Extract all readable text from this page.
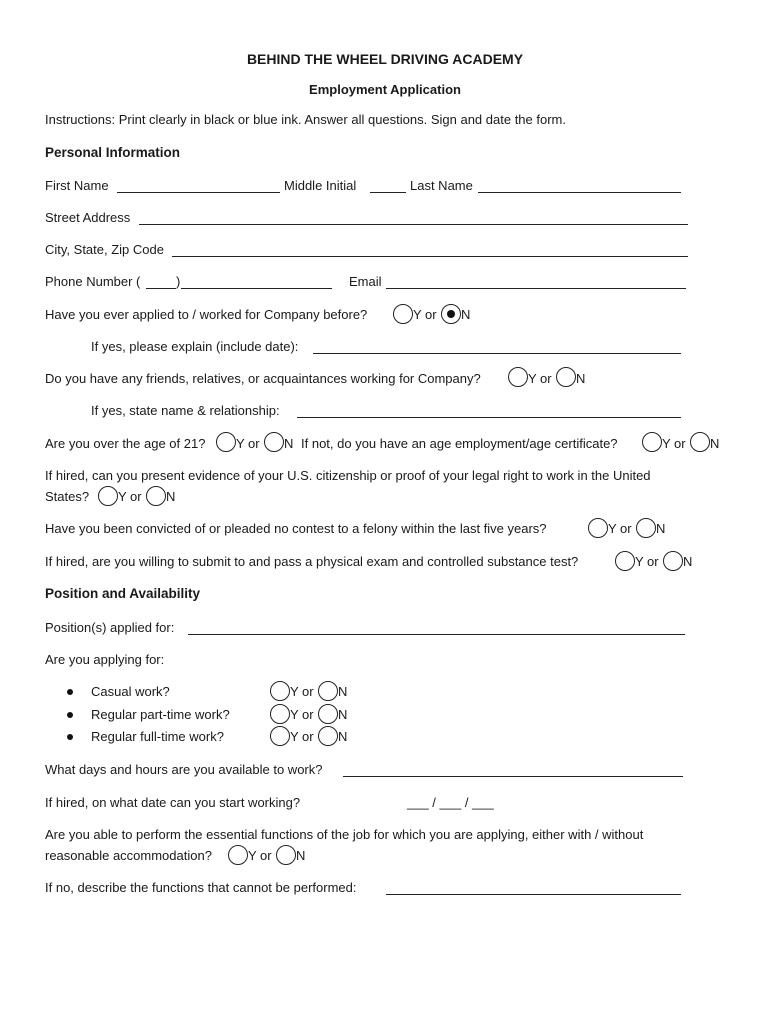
BEHIND THE WHEEL DRIVING ACADEMY
Employment Application
Instructions: Print clearly in black or blue ink. Answer all questions. Sign and date the form.
Personal Information
First Name	Middle Initial	Last Name
Street Address
City, State, Zip Code
Phone Number (	)	Email
Have you ever applied to / worked for Company before?	Y or N
If yes, please explain (include date):
Do you have any friends, relatives, or acquaintances working for Company?	Y or N
If yes, state name & relationship:
Are you over the age of 21? Y or N If not, do you have an age employment/age certificate?	Y or N
If hired, can you present evidence of your U.S. citizenship or proof of your legal right to work in the United
States? Y or N
Have you been convicted of or pleaded no contest to a felony within the last five years?	Y or N
If hired, are you willing to submit to and pass a physical exam and controlled substance test?	Y or N
Position and Availability
Position(s) applied for:
Are you applying for:
Casual work?	Y or N
Regular part-time work?	Y or N
Regular full-time work?	Y or N
What days and hours are you available to work?
If hired, on what date can you start working?	___ / ___ / ___
Are you able to perform the essential functions of the job for which you are applying, either with / without
reasonable accommodation?	Y or N
If no, describe the functions that cannot be performed:
